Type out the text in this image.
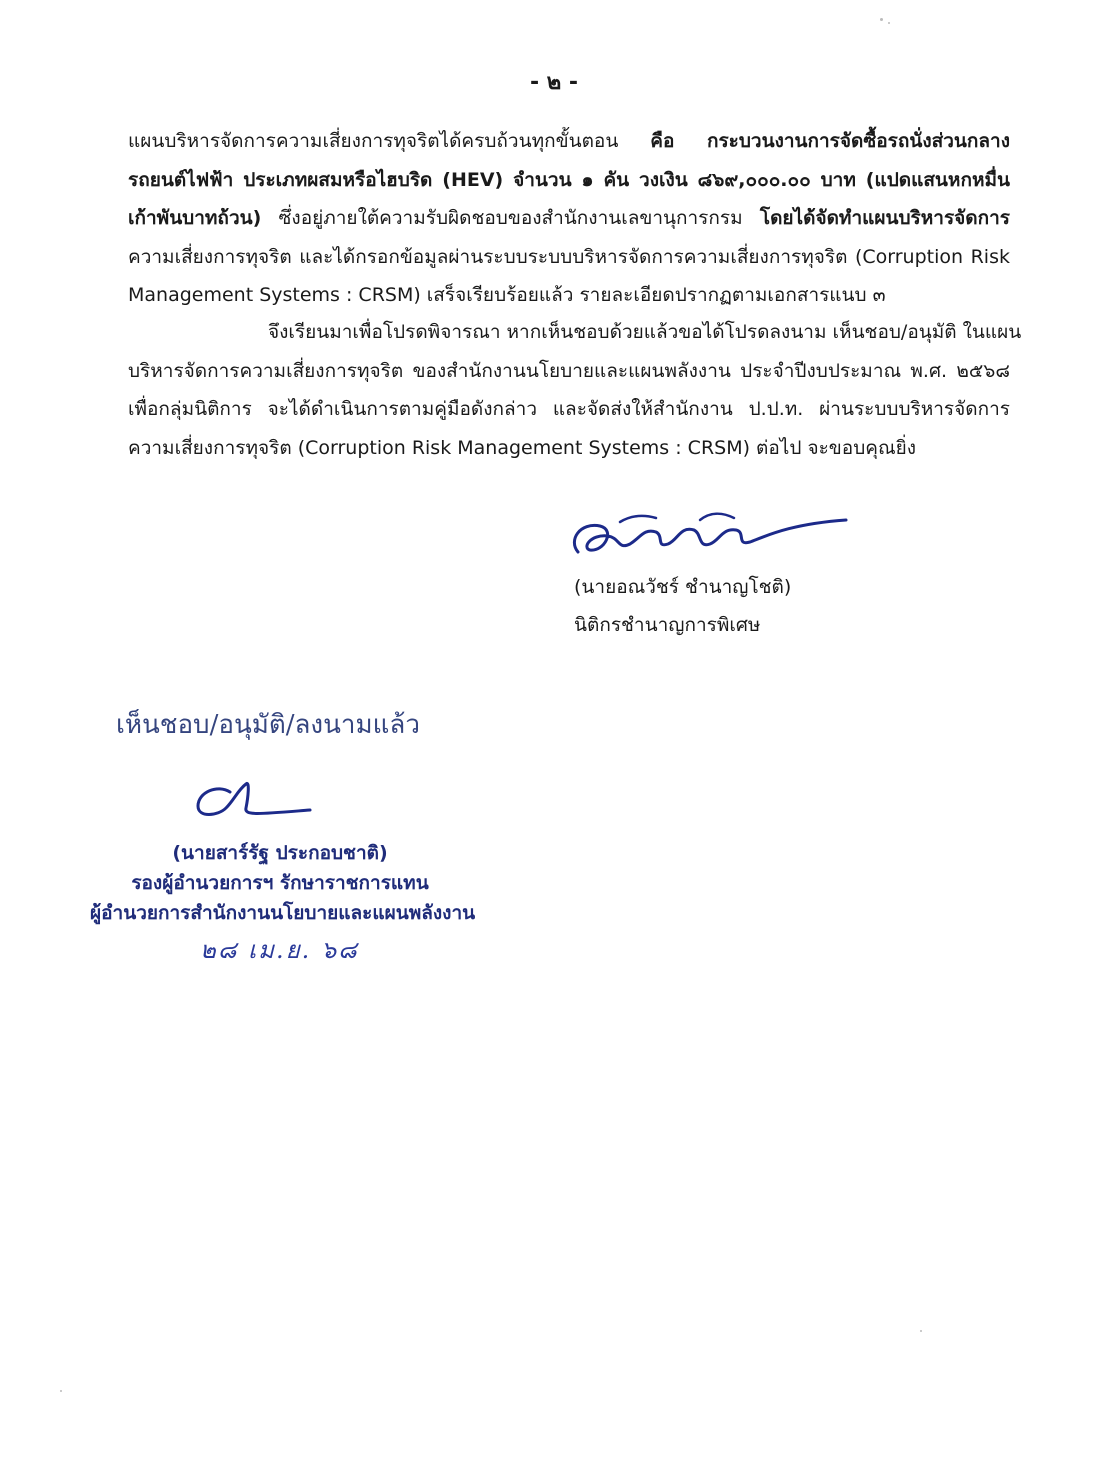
- ๒ -
แผนบริหารจัดการความเสี่ยงการทุจริตได้ครบถ้วนทุกขั้นตอน คือ กระบวนงานการจัดซื้อรถนั่งส่วนกลาง
รถยนต์ไฟฟ้า ประเภทผสมหรือไฮบริด (HEV) จำนวน ๑ คัน วงเงิน ๘๖๙,๐๐๐.๐๐ บาท (แปดแสนหกหมื่น
เก้าพันบาทถ้วน) ซึ่งอยู่ภายใต้ความรับผิดชอบของสำนักงานเลขานุการกรม โดยได้จัดทำแผนบริหารจัดการ
ความเสี่ยงการทุจริต และได้กรอกข้อมูลผ่านระบบระบบบริหารจัดการความเสี่ยงการทุจริต (Corruption Risk
Management Systems : CRSM) เสร็จเรียบร้อยแล้ว รายละเอียดปรากฏตามเอกสารแนบ ๓
จึงเรียนมาเพื่อโปรดพิจารณา หากเห็นชอบด้วยแล้วขอได้โปรดลงนาม เห็นชอบ/อนุมัติ ในแผน
บริหารจัดการความเสี่ยงการทุจริต ของสำนักงานนโยบายและแผนพลังงาน ประจำปีงบประมาณ พ.ศ. ๒๕๖๘
เพื่อกลุ่มนิติการ จะได้ดำเนินการตามคู่มือดังกล่าว และจัดส่งให้สำนักงาน ป.ป.ท. ผ่านระบบบริหารจัดการ
ความเสี่ยงการทุจริต (Corruption Risk Management Systems : CRSM) ต่อไป จะขอบคุณยิ่ง
(นายอณวัชร์ ชำนาญโชติ)
นิติกรชำนาญการพิเศษ
เห็นชอบ/อนุมัติ/ลงนามแล้ว
(นายสาร์รัฐ ประกอบชาติ)
รองผู้อำนวยการฯ รักษาราชการแทน
ผู้อำนวยการสำนักงานนโยบายและแผนพลังงาน
๒๘ เม.ย. ๖๘
